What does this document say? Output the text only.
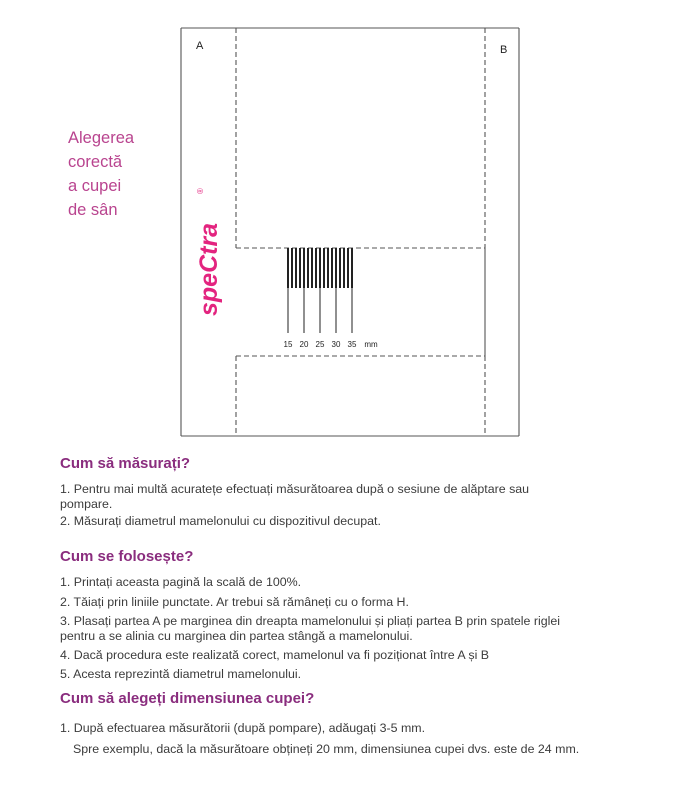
15 20 25 30 35 mm
A	B
Alegerea
corectă
a cupei
de sân
speCtra
®
Cum să măsurați?
1. Pentru mai multă acuratețe efectuați măsurătoarea după o sesiune de alăptare sau
pompare.
2. Măsurați diametrul mamelonului cu dispozitivul decupat.
Cum se folosește?
1. Printați aceasta pagină la scală de 100%.
2. Tăiați prin liniile punctate. Ar trebui să rămâneți cu o forma H.
3. Plasați partea A pe marginea din dreapta mamelonului și pliați partea B prin spatele riglei
pentru a se alinia cu marginea din partea stângă a mamelonului.
4. Dacă procedura este realizată corect, mamelonul va fi poziționat între A și B
5. Acesta reprezintă diametrul mamelonului.
Cum să alegeți dimensiunea cupei?
1. După efectuarea măsurătorii (după pompare), adăugați 3-5 mm.
Spre exemplu, dacă la măsurătoare obțineți 20 mm, dimensiunea cupei dvs. este de 24 mm.
